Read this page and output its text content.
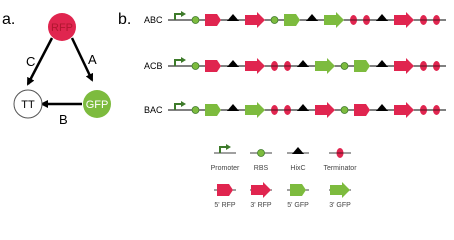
a.
C	A
B
RFP
TT	GFP
b. ABC
ACB
BAC
Promoter RBS	HixC	Terminator
5' RFP 3' RFP 5' GFP	3' GFP
